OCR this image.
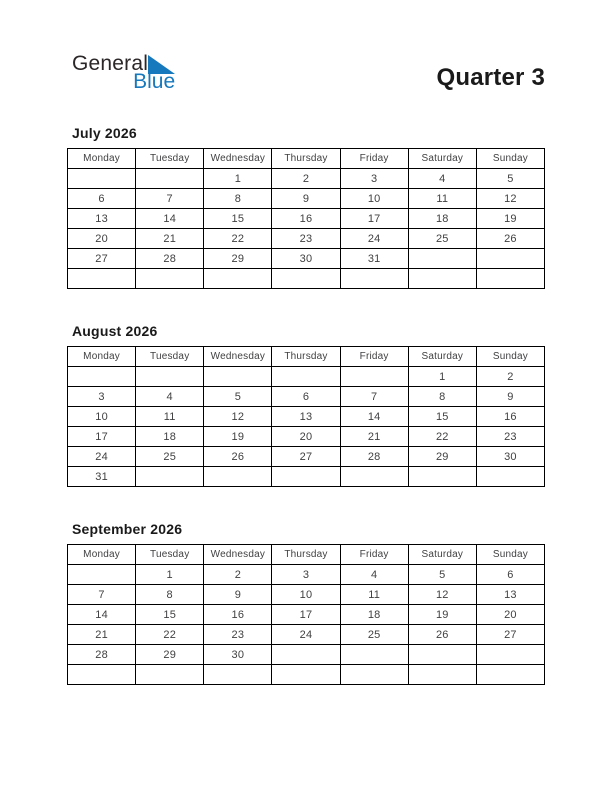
General
Blue	Quarter 3
July 2026
Monday	Tuesday	Wednesday	Thursday	Friday	Saturday	Sunday
		1	2	3	4	5
6	7	8	9	10	11	12
13	14	15	16	17	18	19
20	21	22	23	24	25	26
27	28	29	30	31		

August 2026
Monday	Tuesday	Wednesday	Thursday	Friday	Saturday	Sunday
					1	2
3	4	5	6	7	8	9
10	11	12	13	14	15	16
17	18	19	20	21	22	23
24	25	26	27	28	29	30
31						
September 2026
Monday	Tuesday	Wednesday	Thursday	Friday	Saturday	Sunday
	1	2	3	4	5	6
7	8	9	10	11	12	13
14	15	16	17	18	19	20
21	22	23	24	25	26	27
28	29	30				
